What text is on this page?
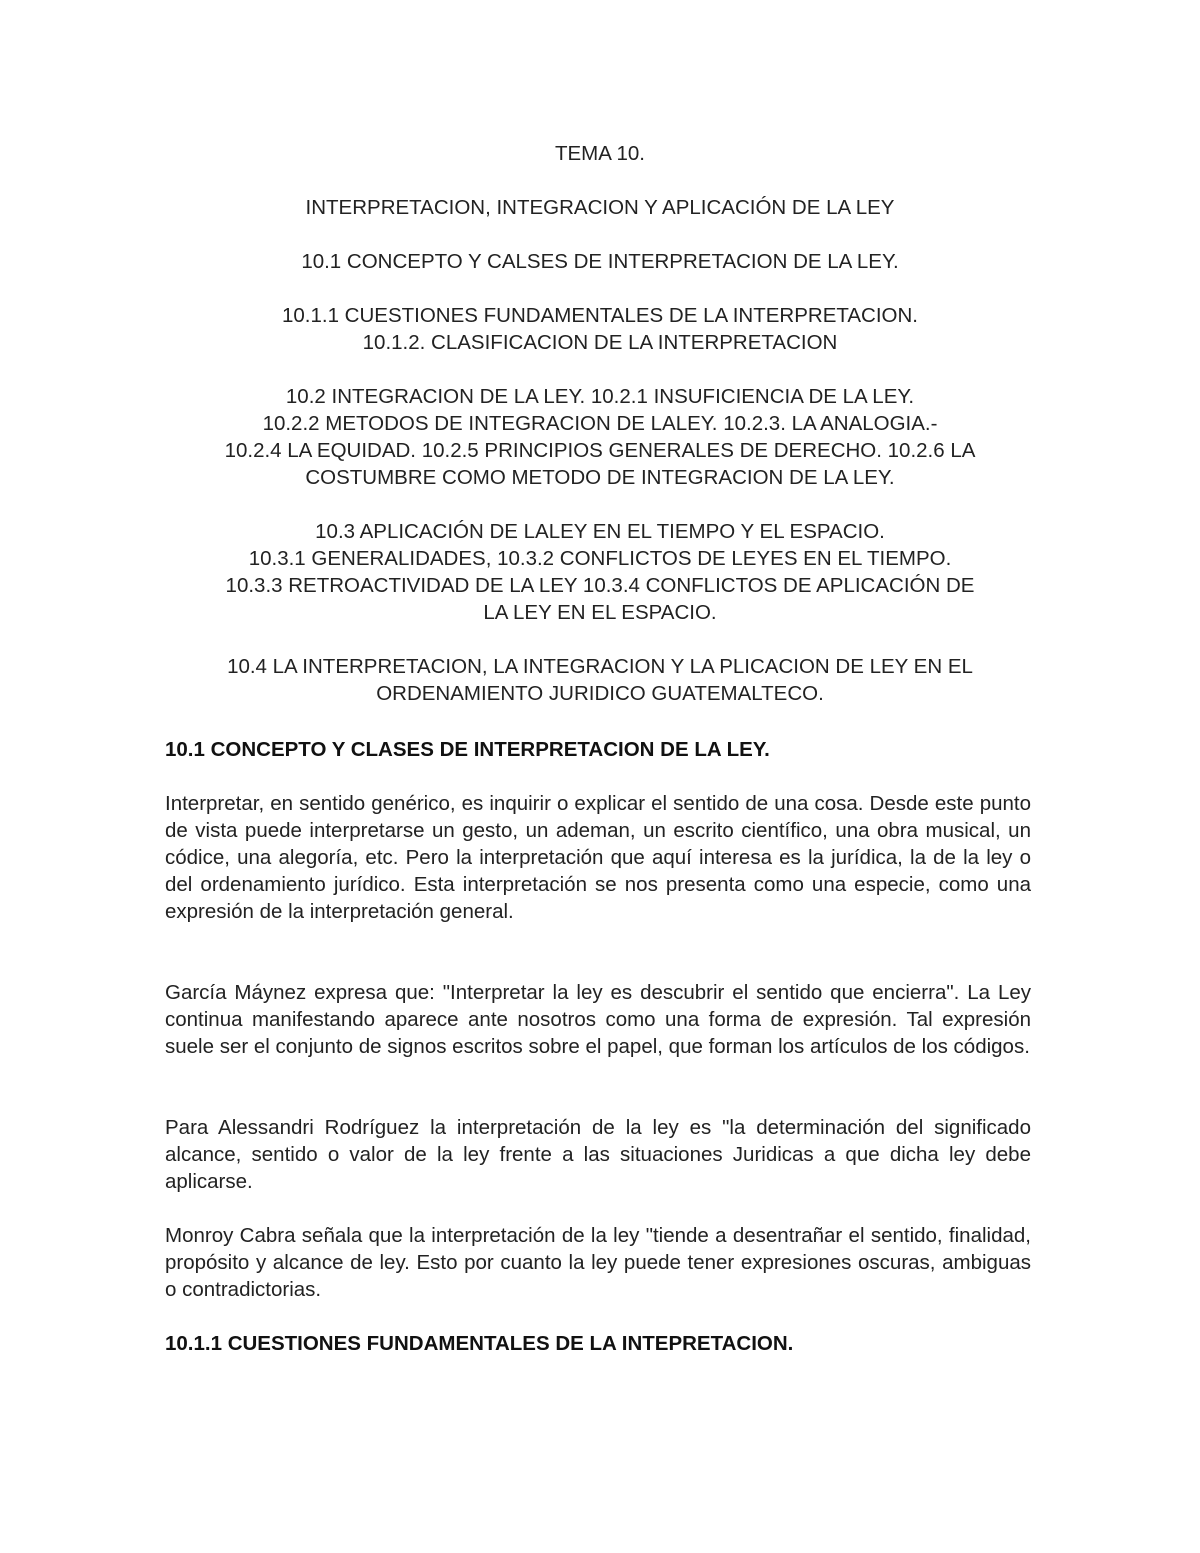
TEMA 10.

INTERPRETACION, INTEGRACION Y APLICACIÓN DE LA LEY

10.1 CONCEPTO Y CALSES DE INTERPRETACION DE LA LEY.

10.1.1 CUESTIONES FUNDAMENTALES DE LA INTERPRETACION.

10.1.2. CLASIFICACION DE LA INTERPRETACION

10.2 INTEGRACION DE LA LEY. 10.2.1 INSUFICIENCIA DE LA LEY.

10.2.2 METODOS DE INTEGRACION DE LALEY. 10.2.3. LA ANALOGIA.-

10.2.4 LA EQUIDAD. 10.2.5 PRINCIPIOS GENERALES DE DERECHO. 10.2.6 LA

COSTUMBRE COMO METODO DE INTEGRACION DE LA LEY.

10.3 APLICACIÓN DE LALEY EN EL TIEMPO Y EL ESPACIO.

10.3.1 GENERALIDADES, 10.3.2 CONFLICTOS DE LEYES EN EL TIEMPO.

10.3.3 RETROACTIVIDAD DE LA LEY 10.3.4 CONFLICTOS DE APLICACIÓN DE

LA LEY EN EL ESPACIO.

10.4 LA INTERPRETACION, LA INTEGRACION Y LA PLICACION DE LEY EN EL

ORDENAMIENTO JURIDICO GUATEMALTECO.

10.1 CONCEPTO Y CLASES DE INTERPRETACION DE LA LEY.

Interpretar, en sentido genérico, es inquirir o explicar el sentido de una cosa. Desde este punto de vista puede interpretarse un gesto, un ademan, un escrito científico, una obra musical, un códice, una alegoría, etc. Pero la interpretación que aquí interesa es la jurídica, la de la ley o del ordenamiento jurídico. Esta interpretación se nos presenta como una especie, como una expresión de la interpretación general.

García Máynez expresa que: "Interpretar la ley es descubrir el sentido que encierra". La Ley continua manifestando aparece ante nosotros como una forma de expresión. Tal expresión suele ser el conjunto de signos escritos sobre el papel, que forman los artículos de los códigos.

Para Alessandri Rodríguez la interpretación de la ley es "la determinación del significado alcance, sentido o valor de la ley frente a las situaciones Juridicas a que dicha ley debe aplicarse.

Monroy Cabra señala que la interpretación de la ley "tiende a desentrañar el sentido, finalidad, propósito y alcance de ley. Esto por cuanto la ley puede tener expresiones oscuras, ambiguas o contradictorias.

10.1.1 CUESTIONES FUNDAMENTALES DE LA INTEPRETACION.
